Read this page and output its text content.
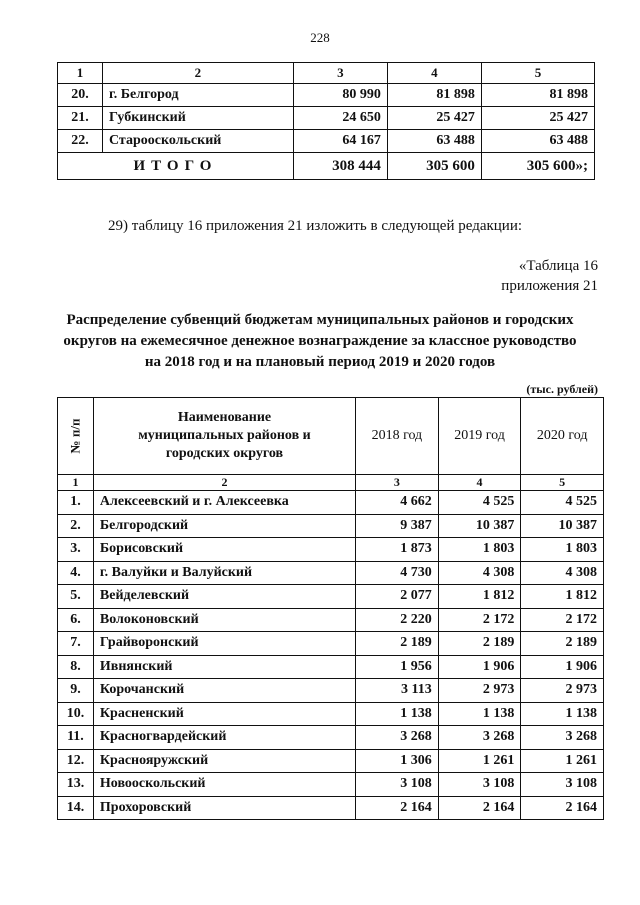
228
1	2	3	4	5
20.	г. Белгород	80 990	81 898	81 898
21.	Губкинский	24 650	25 427	25 427
22.	Старооскольский	64 167	63 488	63 488
ИТОГО		308 444	305 600	305 600»;
29) таблицу 16 приложения 21 изложить в следующей редакции:
«Таблица 16
приложения 21
Распределение субвенций бюджетам муниципальных районов и городских
округов на ежемесячное денежное вознаграждение за классное руководство
на 2018 год и на плановый период 2019 и 2020 годов
(тыс. рублей)
№ п/п	Наименование
муниципальных районов и
городских округов	2018 год	2019 год	2020 год
1	2	3	4	5
1.	Алексеевский и г. Алексеевка	4 662	4 525	4 525
2.	Белгородский	9 387	10 387	10 387
3.	Борисовский	1 873	1 803	1 803
4.	г. Валуйки и Валуйский	4 730	4 308	4 308
5.	Вейделевский	2 077	1 812	1 812
6.	Волоконовский	2 220	2 172	2 172
7.	Грайворонский	2 189	2 189	2 189
8.	Ивнянский	1 956	1 906	1 906
9.	Корочанский	3 113	2 973	2 973
10.	Красненский	1 138	1 138	1 138
11.	Красногвардейский	3 268	3 268	3 268
12.	Краснояружский	1 306	1 261	1 261
13.	Новооскольский	3 108	3 108	3 108
14.	Прохоровский	2 164	2 164	2 164
